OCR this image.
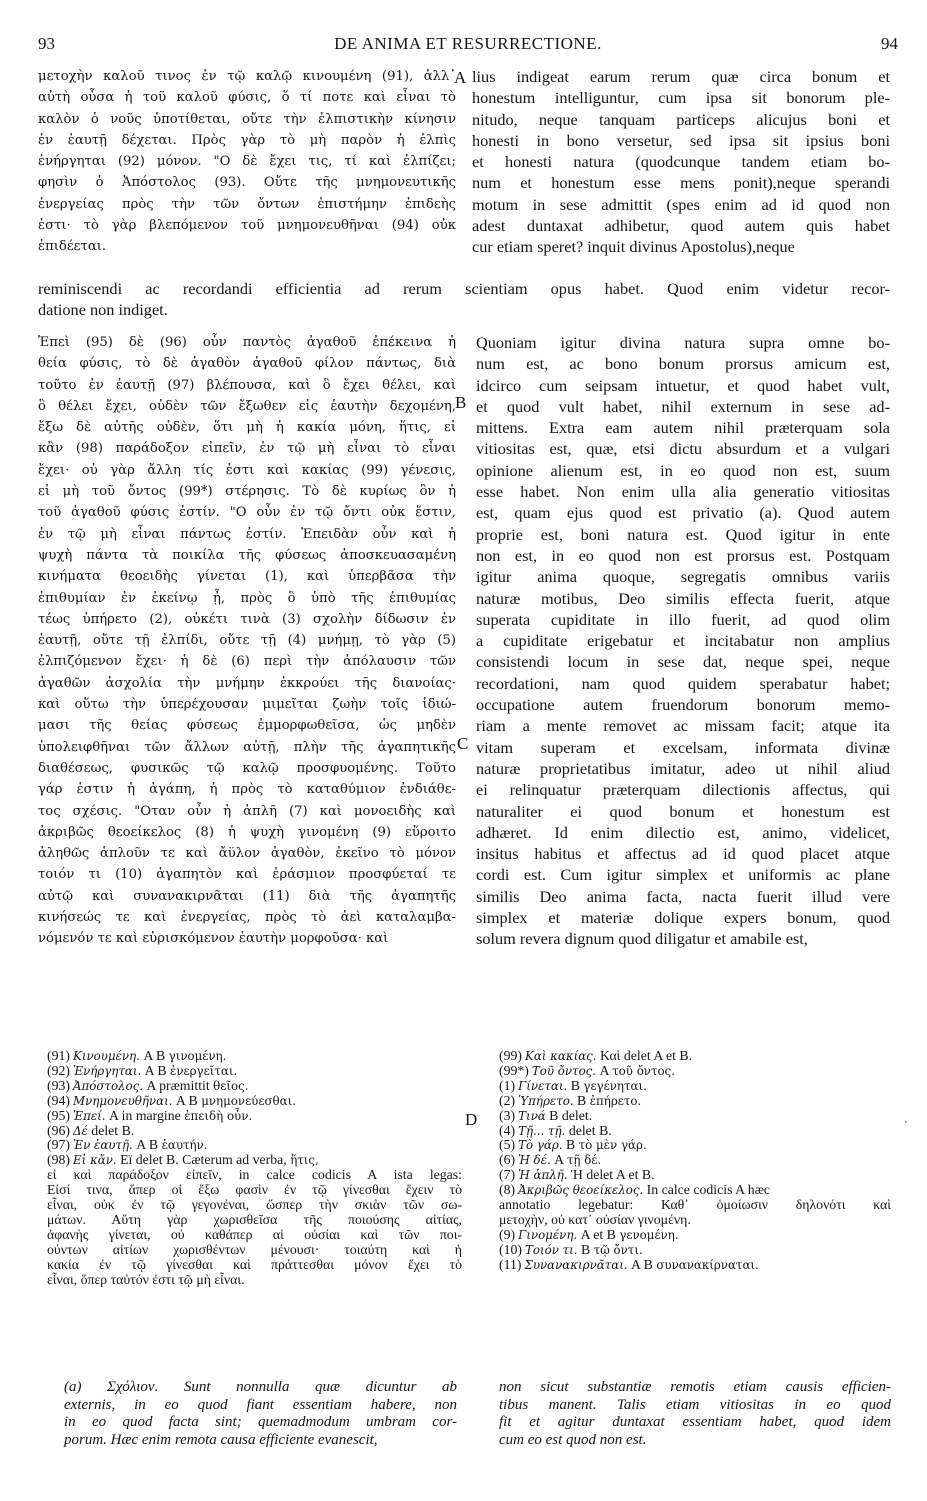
93	DE ANIMA ET RESURRECTIONE.	94
μετοχὴν καλοῦ τινος ἐν τῷ καλῷ κινουμένη (91), ἀλλ᾽
αὐτὴ οὖσα ἡ τοῦ καλοῦ φύσις, ὅ τί ποτε καὶ εἶναι τὸ
καλὸν ὁ νοῦς ὑποτίθεται, οὔτε τὴν ἐλπιστικὴν κίνησιν
ἐν ἑαυτῇ δέχεται. Πρὸς γὰρ τὸ μὴ παρὸν ἡ ἐλπὶς
ἐνήργηται (92) μόνον. "Ο δὲ ἔχει τις, τί καὶ ἐλπίζει;
φησὶν ὁ Ἀπόστολος (93). Οὔτε τῆς μνημονευτικῆς
ἐνεργείας πρὸς τὴν τῶν ὄντων ἐπιστήμην ἐπιδεὴς
ἐστι· τὸ γὰρ βλεπόμενον τοῦ μνημονευθῆναι (94) οὐκ
ἐπιδέεται.
A lius indigeat earum rerum quæ circa bonum et
honestum intelliguntur, cum ipsa sit bonorum ple-
nitudo, neque tanquam particeps alicujus boni et
honesti in bono versetur, sed ipsa sit ipsius boni
et honesti natura (quodcunque tandem etiam bo-
num et honestum esse mens ponit),neque sperandi
motum in sese admittit (spes enim ad id quod non
adest duntaxat adhibetur, quod autem quis habet
cur etiam speret? inquit divinus Apostolus),neque
reminiscendi ac recordandi efficientia ad rerum scientiam opus habet. Quod enim videtur recor-
datione non indiget.
Ἐπεὶ (95) δὲ (96) οὖν παντὸς ἀγαθοῦ ἐπέκεινα ἡ
θεία φύσις, τὸ δὲ ἀγαθὸν ἀγαθοῦ φίλον πάντως, διὰ
τοῦτο ἐν ἑαυτῇ (97) βλέπουσα, καὶ ὃ ἔχει θέλει, καὶ
ὃ θέλει ἔχει, οὐδὲν τῶν ἔξωθεν εἰς ἑαυτὴν δεχομένη,
ἔξω δὲ αὐτῆς οὐδὲν, ὅτι μὴ ἡ κακία μόνη, ἥτις, εἰ
κἂν (98) παράδοξον εἰπεῖν, ἐν τῷ μὴ εἶναι τὸ εἶναι
ἔχει· οὐ γὰρ ἄλλη τίς ἐστι καὶ κακίας (99) γένεσις,
εἰ μὴ τοῦ ὄντος (99*) στέρησις. Τὸ δὲ κυρίως ὂν ἡ
τοῦ ἀγαθοῦ φύσις ἐστίν. "Ο οὖν ἐν τῷ ὄντι οὐκ ἔστιν,
ἐν τῷ μὴ εἶναι πάντως ἐστίν. Ἐπειδὰν οὖν καὶ ἡ
ψυχὴ πάντα τὰ ποικίλα τῆς φύσεως ἀποσκευασαμένη
κινήματα θεοειδὴς γίνεται (1), καὶ ὑπερβᾶσα τὴν
ἐπιθυμίαν ἐν ἐκείνῳ ᾖ, πρὸς ὃ ὑπὸ τῆς ἐπιθυμίας
τέως ὑπήρετο (2), οὐκέτι τινὰ (3) σχολὴν δίδωσιν ἐν
ἑαυτῇ, οὔτε τῇ ἐλπίδι, οὔτε τῇ (4) μνήμῃ, τὸ γὰρ (5)
ἐλπιζόμενον ἔχει· ἡ δὲ (6) περὶ τὴν ἀπόλαυσιν τῶν
ἀγαθῶν ἀσχολία τὴν μνήμην ἐκκρούει τῆς διανοίας·
καὶ οὕτω τὴν ὑπερέχουσαν μιμεῖται ζωὴν τοῖς ἰδιώ-
μασι τῆς θείας φύσεως ἐμμορφωθεῖσα, ὡς μηδὲν
ὑπολειφθῆναι τῶν ἄλλων αὐτῇ, πλὴν τῆς ἀγαπητικῆς
διαθέσεως, φυσικῶς τῷ καλῷ προσφυομένης. Τοῦτο
γάρ ἐστιν ἡ ἀγάπη, ἡ πρὸς τὸ καταθύμιον ἐνδιάθε-
τος σχέσις. "Οταν οὖν ἡ ἁπλῆ (7) καὶ μονοειδὴς καὶ
ἀκριβῶς θεοείκελος (8) ἡ ψυχὴ γινομένη (9) εὕροιτο
ἀληθῶς ἁπλοῦν τε καὶ ἄϋλον ἀγαθὸν, ἐκεῖνο τὸ μόνον
τοιόν τι (10) ἀγαπητὸν καὶ ἐράσμιον προσφύεταί τε
αὐτῷ καὶ συνανακιρνᾶται (11) διὰ τῆς ἀγαπητῆς
κινήσεώς τε καὶ ἐνεργείας, πρὸς τὸ ἀεὶ καταλαμβα-
νόμενόν τε καὶ εὑρισκόμενον ἑαυτὴν μορφοῦσα· καὶ
B
C
Quoniam igitur divina natura supra omne bo-
num est, ac bono bonum prorsus amicum est,
idcirco cum seipsam intuetur, et quod habet vult,
et quod vult habet, nihil externum in sese ad-
mittens. Extra eam autem nihil præterquam sola
vitiositas est, quæ, etsi dictu absurdum et a vulgari
opinione alienum est, in eo quod non est, suum
esse habet. Non enim ulla alia generatio vitiositas
est, quam ejus quod est privatio (a). Quod autem
proprie est, boni natura est. Quod igitur in ente
non est, in eo quod non est prorsus est. Postquam
igitur anima quoque, segregatis omnibus variis
naturæ motibus, Deo similis effecta fuerit, atque
superata cupiditate in illo fuerit, ad quod olim
a cupiditate erigebatur et incitabatur non amplius
consistendi locum in sese dat, neque spei, neque
recordationi, nam quod quidem sperabatur habet;
occupatione autem fruendorum bonorum memo-
riam a mente removet ac missam facit; atque ita
vitam superam et excelsam, informata divinæ
naturæ proprietatibus imitatur, adeo ut nihil aliud
ei relinquatur præterquam dilectionis affectus, qui
naturaliter ei quod bonum et honestum est
adhæret. Id enim dilectio est, animo, videlicet,
insitus habitus et affectus ad id quod placet atque
cordi est. Cum igitur simplex et uniformis ac plane
similis Deo anima facta, nacta fuerit illud vere
simplex et materiæ dolique expers bonum, quod
solum revera dignum quod diligatur et amabile est,
(91) Κινουμένη. A B γινομένη.
(92) Ἐνήργηται. A B ἐνεργεῖται.
(93) Ἀπόστολος. A præmittit θεῖος.
(94) Μνημονευθῆναι. A B μνημονεύεσθαι.
(95) Ἐπεί. A in margine ἐπειδὴ οὖν.
(96) Δέ delet B.
(97) Ἐν ἑαυτῇ. A B ἑαυτήν.
(98) Εἰ κἄν. Eï delet B. Cæterum ad verba, ἥτις,
εἰ καὶ παράδοξον εἰπεῖν, in calce codicis A ista legas:
Εἰσί τινα, ἅπερ οἱ ἔξω φασὶν ἐν τῷ γίνεσθαι ἔχειν τὸ
εἶναι, οὐκ ἐν τῷ γεγονέναι, ὥσπερ τὴν σκιὰν τῶν σω-
μάτων. Αὕτη γὰρ χωρισθεῖσα τῆς ποιούσης αἰτίας,
ἀφανὴς γίνεται, οὐ καθάπερ αἱ οὐσίαι καὶ τῶν ποι-
ούντων αἰτίων χωρισθέντων μένουσι· τοιαύτη καὶ ἡ
κακία ἐν τῷ γίνεσθαι καὶ πράττεσθαι μόνον ἔχει τὸ
εἶναι, ὅπερ ταὐτόν ἐστι τῷ μὴ εἶναι.
D
(99) Καὶ κακίας. Καὶ delet A et B.
(99*) Τοῦ ὄντος. A τοῦ ὄντος.
(1) Γίνεται. B γεγένηται.
(2) Ὑπήρετο. B ἐπήρετο.
(3) Τινά B delet.
(4) Τῇ... τῇ. delet B.
(5) Τὸ γάρ. B τὸ μὲν γάρ.
(6) Ἡ δέ. A τῇ δέ.
(7) Ἡ ἁπλῆ. Ἡ delet A et B.
(8) Ἀκριβῶς θεοείκελος. In calce codicis A hæc
annotatio legebatur: Καθ᾽ ὁμοίωσιν δηλονότι καὶ
μετοχὴν, οὐ κατ᾽ οὐσίαν γινομένη.
(9) Γινομένη. A et B γενομένη.
(10) Τοιόν τι. B τῷ ὄντι.
(11) Συνανακιρνᾶται. A B συνανακίρναται.
(a) Σχόλιον. Sunt nonnulla quæ dicuntur ab
externis, in eo quod fiant essentiam habere, non
in eo quod facta sint; quemadmodum umbram cor-
porum. Hæc enim remota causa efficiente evanescit,
non sicut substantiæ remotis etiam causis efficien-
tibus manent. Talis etiam vitiositas in eo quod
fit et agitur duntaxat essentiam habet, quod idem
cum eo est quod non est.
'
